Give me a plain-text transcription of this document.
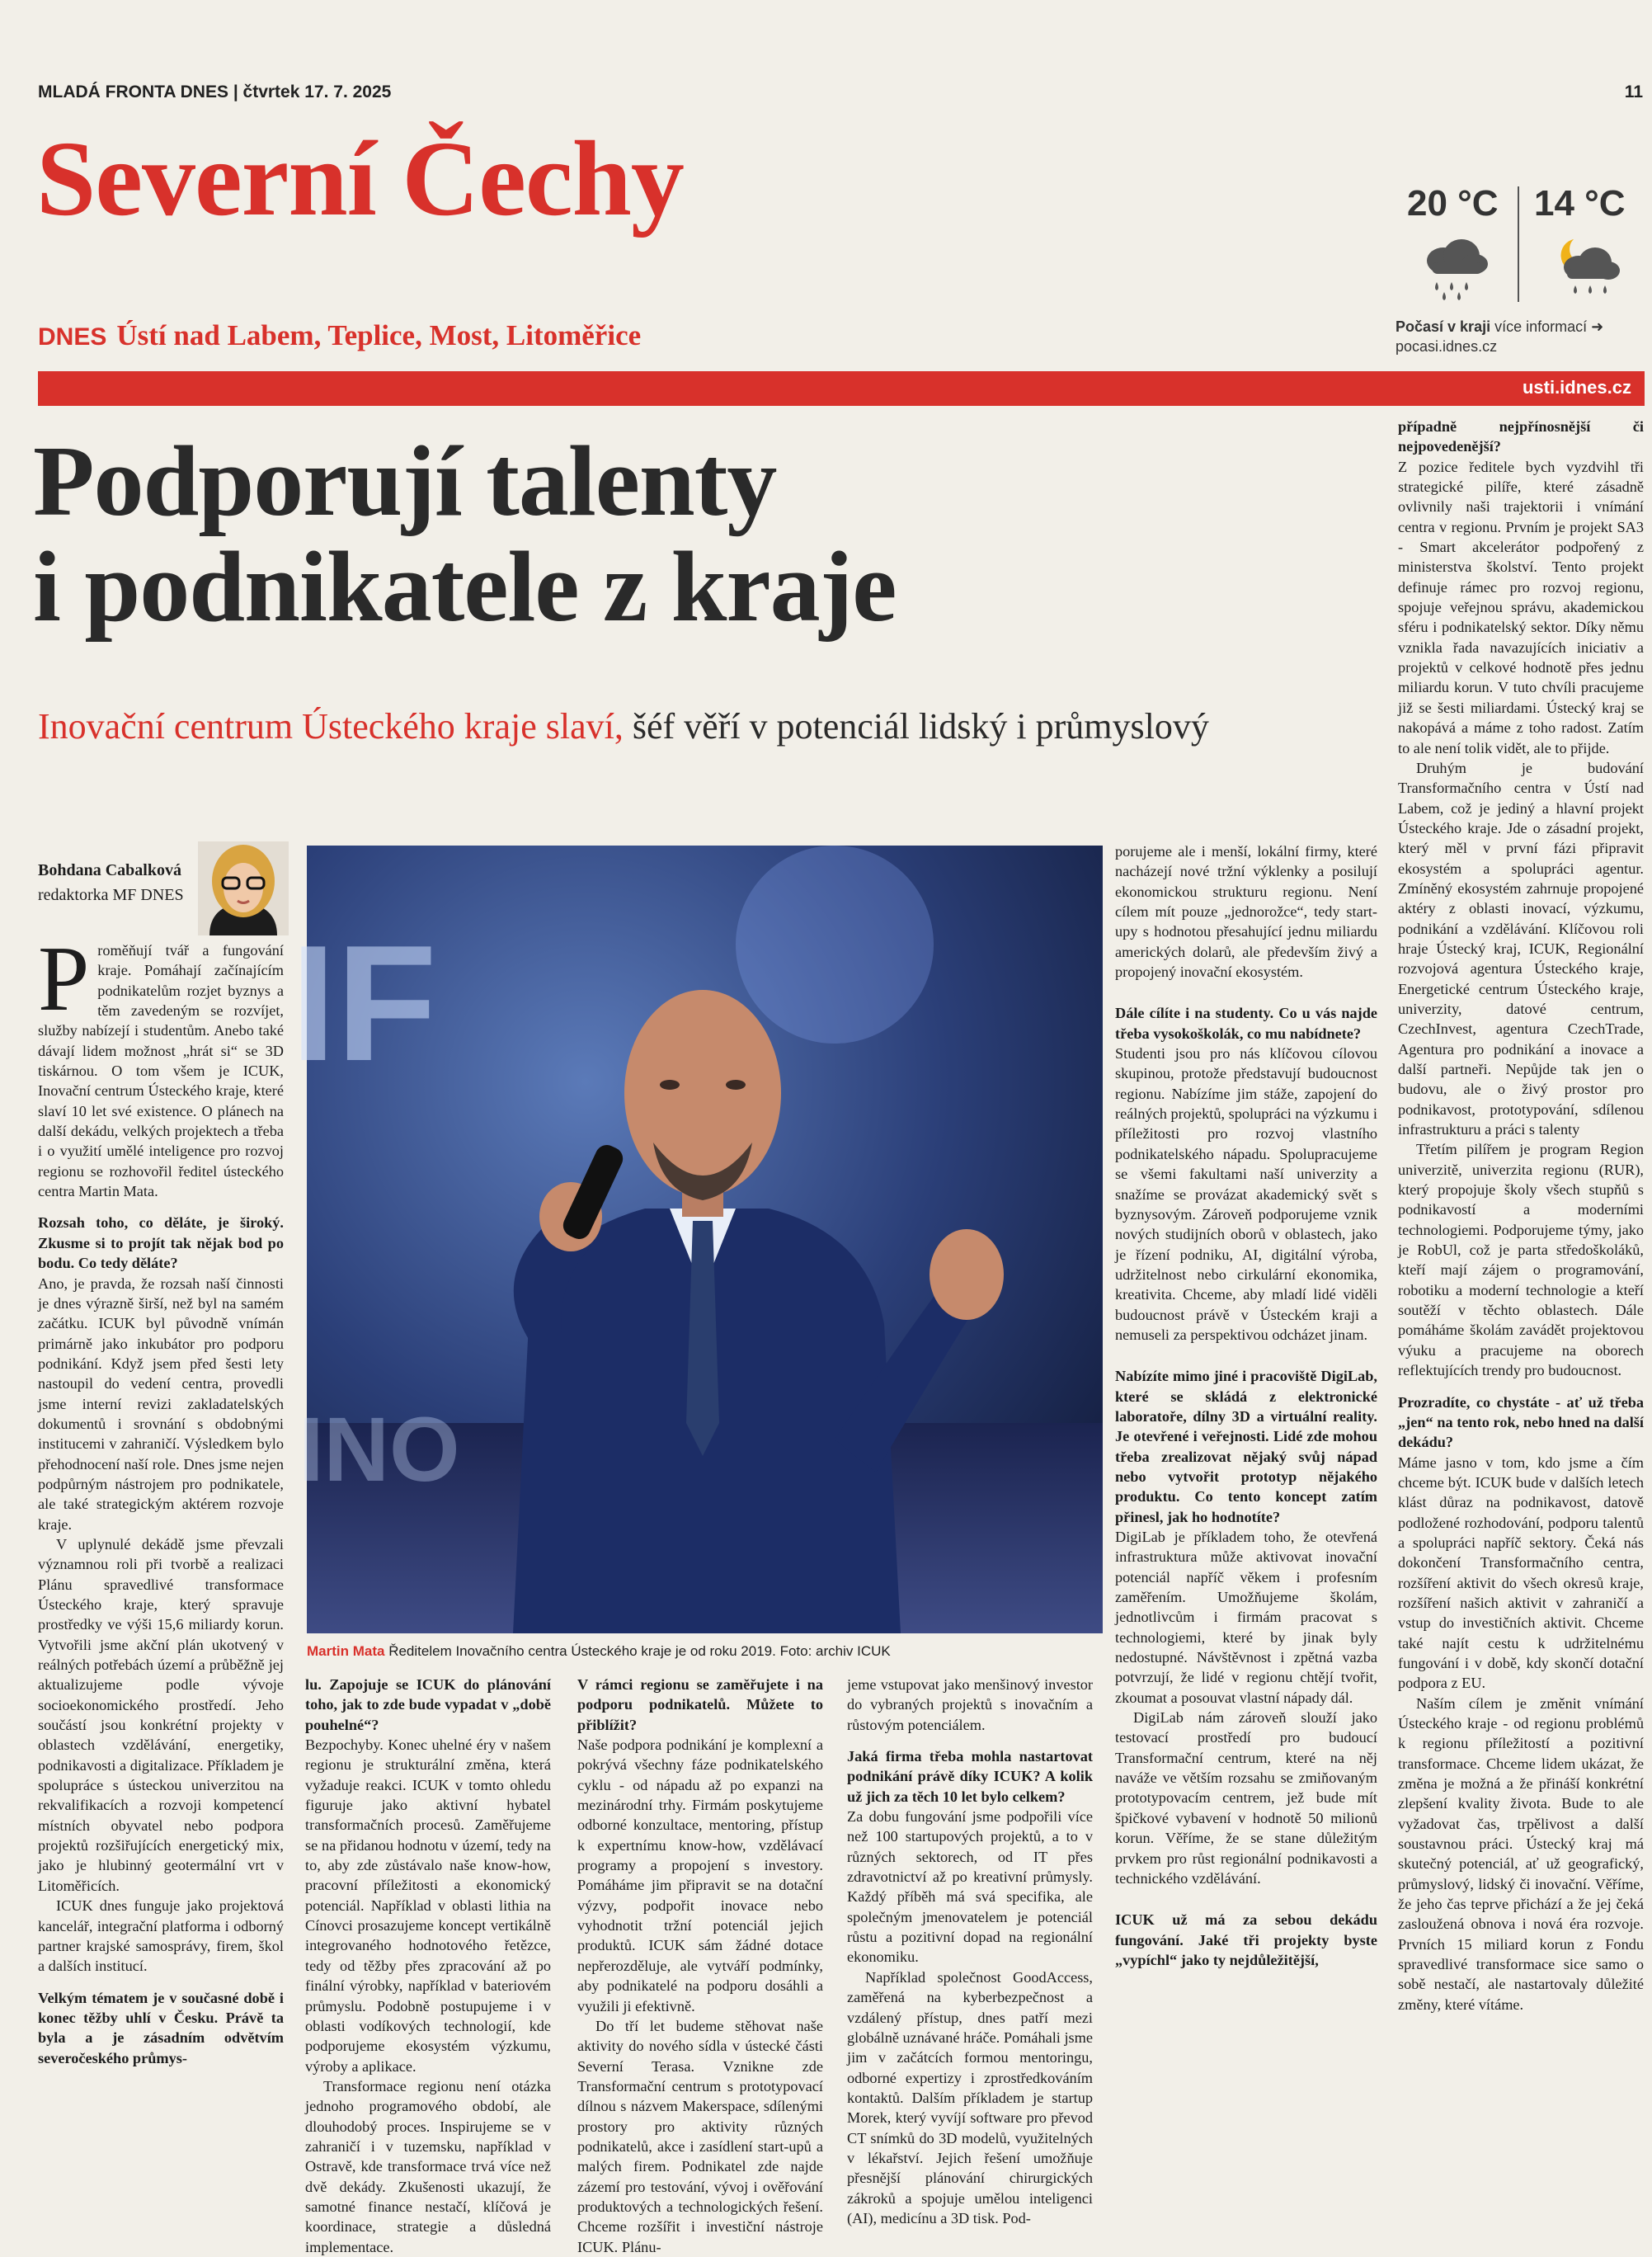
MLADÁ FRONTA DNES | čtvrtek 17. 7. 2025	11
Severní Čechy
DNES Ústí nad Labem, Teplice, Most, Litoměřice
20 °C 14 °C
Počasí v kraji více informací ➜
pocasi.idnes.cz
usti.idnes.cz
Podporují talenty
i podnikatele z kraje
Inovační centrum Ústeckého kraje slaví, šéf věří v potenciál lidský i průmyslový
Bohdana Cabalková
redaktorka MF DNES
IF
INO
Martin Mata Ředitelem Inovačního centra Ústeckého kraje je od roku 2019. Foto: archiv ICUK

Proměňují tvář a fungování kraje. Pomáhají začínajícím podnikatelům rozjet byznys a těm zavedeným se rozvíjet, služby nabízejí i studentům. Anebo také dávají lidem možnost „hrát si“ se 3D tiskárnou. O tom všem je ICUK, Inovační centrum Ústeckého kraje, které slaví 10 let své existence. O plánech na další dekádu, velkých projektech a třeba i o využití umělé inteligence pro rozvoj regionu se rozhovořil ředitel ústeckého centra Martin Mata.

Rozsah toho, co děláte, je široký. Zkusme si to projít tak nějak bod po bodu. Co tedy děláte?

Ano, je pravda, že rozsah naší činnosti je dnes výrazně širší, než byl na samém začátku. ICUK byl původně vnímán primárně jako inkubátor pro podporu podnikání. Když jsem před šesti lety nastoupil do vedení centra, provedli jsme interní revizi zakladatelských dokumentů i srovnání s obdobnými institucemi v zahraničí. Výsledkem bylo přehodnocení naší role. Dnes jsme nejen podpůrným nástrojem pro podnikatele, ale také strategickým aktérem rozvoje kraje.

V uplynulé dekádě jsme převzali významnou roli při tvorbě a realizaci Plánu spravedlivé transformace Ústeckého kraje, který spravuje prostředky ve výši 15,6 miliardy korun. Vytvořili jsme akční plán ukotvený v reálných potřebách území a průběžně jej aktualizujeme podle vývoje socioekonomického prostředí. Jeho součástí jsou konkrétní projekty v oblastech vzdělávání, energetiky, podnikavosti a digitalizace. Příkladem je spolupráce s ústeckou univerzitou na rekvalifikacích a rozvoji kompetencí místních obyvatel nebo podpora projektů rozšiřujících energetický mix, jako je hlubinný geotermální vrt v Litoměřicích.

ICUK dnes funguje jako projektová kancelář, integrační platforma i odborný partner krajské samosprávy, firem, škol a dalších institucí.

Velkým tématem je v současné době i konec těžby uhlí v Česku. Právě ta byla a je zásadním odvětvím severočeského průmys-

lu. Zapojuje se ICUK do plánování toho, jak to zde bude vypadat v „době pouhelné“?

Bezpochyby. Konec uhelné éry v našem regionu je strukturální změna, která vyžaduje reakci. ICUK v tomto ohledu figuruje jako aktivní hybatel transformačních procesů. Zaměřujeme se na přidanou hodnotu v území, tedy na to, aby zde zůstávalo naše know-how, pracovní příležitosti a ekonomický potenciál. Například v oblasti lithia na Cínovci prosazujeme koncept vertikálně integrovaného hodnotového řetězce, tedy od těžby přes zpracování až po finální výrobky, například v bateriovém průmyslu. Podobně postupujeme i v oblasti vodíkových technologií, kde podporujeme ekosystém výzkumu, výroby a aplikace.

Transformace regionu není otázka jednoho programového období, ale dlouhodobý proces. Inspirujeme se v zahraničí i v tuzemsku, například v Ostravě, kde transformace trvá více než dvě dekády. Zkušenosti ukazují, že samotné finance nestačí, klíčová je koordinace, strategie a důsledná implementace.

V rámci regionu se zaměřujete i na podporu podnikatelů. Můžete to přiblížit?

Naše podpora podnikání je komplexní a pokrývá všechny fáze podnikatelského cyklu - od nápadu až po expanzi na mezinárodní trhy. Firmám poskytujeme odborné konzultace, mentoring, přístup k expertnímu know-how, vzdělávací programy a propojení s investory. Pomáháme jim připravit se na dotační výzvy, podpořit inovace nebo vyhodnotit tržní potenciál jejich produktů. ICUK sám žádné dotace nepřerozděluje, ale vytváří podmínky, aby podnikatelé na podporu dosáhli a využili ji efektivně.

Do tří let budeme stěhovat naše aktivity do nového sídla v ústecké části Severní Terasa. Vznikne zde Transformační centrum s prototypovací dílnou s názvem Makerspace, sdílenými prostory pro aktivity různých podnikatelů, akce i zasídlení start-upů a malých firem. Podnikatel zde najde zázemí pro testování, vývoj i ověřování produktových a technologických řešení. Chceme rozšířit i investiční nástroje ICUK. Plánu-

jeme vstupovat jako menšinový investor do vybraných projektů s inovačním a růstovým potenciálem.

Jaká firma třeba mohla nastartovat podnikání právě díky ICUK? A kolik už jich za těch 10 let bylo celkem?

Za dobu fungování jsme podpořili více než 100 startupových projektů, a to v různých sektorech, od IT přes zdravotnictví až po kreativní průmysly. Každý příběh má svá specifika, ale společným jmenovatelem je potenciál růstu a pozitivní dopad na regionální ekonomiku.

Například společnost GoodAccess, zaměřená na kyberbezpečnost a vzdálený přístup, dnes patří mezi globálně uznávané hráče. Pomáhali jsme jim v začátcích formou mentoringu, odborné expertizy i zprostředkováním kontaktů. Dalším příkladem je startup Morek, který vyvíjí software pro převod CT snímků do 3D modelů, využitelných v lékařství. Jejich řešení umožňuje přesnější plánování chirurgických zákroků a spojuje umělou inteligenci (AI), medicínu a 3D tisk. Pod-

porujeme ale i menší, lokální firmy, které nacházejí nové tržní výklenky a posilují ekonomickou strukturu regionu. Není cílem mít pouze „jednorožce“, tedy start-upy s hodnotou přesahující jednu miliardu amerických dolarů, ale především živý a propojený inovační ekosystém.

Dále cílíte i na studenty. Co u vás najde třeba vysokoškolák, co mu nabídnete?

Studenti jsou pro nás klíčovou cílovou skupinou, protože představují budoucnost regionu. Nabízíme jim stáže, zapojení do reálných projektů, spolupráci na výzkumu i příležitosti pro rozvoj vlastního podnikatelského nápadu. Spolupracujeme se všemi fakultami naší univerzity a snažíme se provázat akademický svět s byznysovým. Zároveň podporujeme vznik nových studijních oborů v oblastech, jako je řízení podniku, AI, digitální výroba, udržitelnost nebo cirkulární ekonomika, kreativita. Chceme, aby mladí lidé viděli budoucnost právě v Ústeckém kraji a nemuseli za perspektivou odcházet jinam.

Nabízíte mimo jiné i pracoviště DigiLab, které se skládá z elektronické laboratoře, dílny 3D a virtuální reality. Je otevřené i veřejnosti. Lidé zde mohou třeba zrealizovat nějaký svůj nápad nebo vytvořit prototyp nějakého produktu. Co tento koncept zatím přinesl, jak ho hodnotíte?

DigiLab je příkladem toho, že otevřená infrastruktura může aktivovat inovační potenciál napříč věkem i profesním zaměřením. Umožňujeme školám, jednotlivcům i firmám pracovat s technologiemi, které by jinak byly nedostupné. Návštěvnost i zpětná vazba potvrzují, že lidé v regionu chtějí tvořit, zkoumat a posouvat vlastní nápady dál.

DigiLab nám zároveň slouží jako testovací prostředí pro budoucí Transformační centrum, které na něj naváže ve větším rozsahu se zmiňovaným prototypovacím centrem, jež bude mít špičkové vybavení v hodnotě 50 milionů korun. Věříme, že se stane důležitým prvkem pro růst regionální podnikavosti a technického vzdělávání.

ICUK už má za sebou dekádu fungování. Jaké tři projekty byste „vypíchl“ jako ty nejdůležitější,

případně nejpřínosnější či nejpovedenější?

Z pozice ředitele bych vyzdvihl tři strategické pilíře, které zásadně ovlivnily naši trajektorii i vnímání centra v regionu. Prvním je projekt SA3 - Smart akcelerátor podpořený z ministerstva školství. Tento projekt definuje rámec pro rozvoj regionu, spojuje veřejnou správu, akademickou sféru i podnikatelský sektor. Díky němu vznikla řada navazujících iniciativ a projektů v celkové hodnotě přes jednu miliardu korun. V tuto chvíli pracujeme již se šesti miliardami. Ústecký kraj se nakopává a máme z toho radost. Zatím to ale není tolik vidět, ale to přijde.

Druhým je budování Transformačního centra v Ústí nad Labem, což je jediný a hlavní projekt Ústeckého kraje. Jde o zásadní projekt, který měl v první fázi připravit ekosystém a spolupráci agentur. Zmíněný ekosystém zahrnuje propojené aktéry z oblasti inovací, výzkumu, podnikání a vzdělávání. Klíčovou roli hraje Ústecký kraj, ICUK, Regionální rozvojová agentura Ústeckého kraje, Energetické centrum Ústeckého kraje, univerzity, datové centrum, CzechInvest, agentura CzechTrade, Agentura pro podnikání a inovace a další partneři. Nepůjde tak jen o budovu, ale o živý prostor pro podnikavost, prototypování, sdílenou infrastrukturu a práci s talenty

Třetím pilířem je program Region univerzitě, univerzita regionu (RUR), který propojuje školy všech stupňů s podnikavostí a moderními technologiemi. Podporujeme týmy, jako je RobUl, což je parta středoškoláků, kteří mají zájem o programování, robotiku a moderní technologie a kteří soutěží v těchto oblastech. Dále pomáháme školám zavádět projektovou výuku a pracujeme na oborech reflektujících trendy pro budoucnost.

Prozradíte, co chystáte - ať už třeba „jen“ na tento rok, nebo hned na další dekádu?

Máme jasno v tom, kdo jsme a čím chceme být. ICUK bude v dalších letech klást důraz na podnikavost, datově podložené rozhodování, podporu talentů a spolupráci napříč sektory. Čeká nás dokončení Transformačního centra, rozšíření aktivit do všech okresů kraje, rozšíření našich aktivit v zahraničí a vstup do investičních aktivit. Chceme také najít cestu k udržitelnému fungování i v době, kdy skončí dotační podpora z EU.

Naším cílem je změnit vnímání Ústeckého kraje - od regionu problémů k regionu příležitostí a pozitivní transformace. Chceme lidem ukázat, že změna je možná a že přináší konkrétní zlepšení kvality života. Bude to ale vyžadovat čas, trpělivost a další soustavnou práci. Ústecký kraj má skutečný potenciál, ať už geografický, průmyslový, lidský či inovační. Věříme, že jeho čas teprve přichází a že jej čeká zasloužená obnova i nová éra rozvoje. Prvních 15 miliard korun z Fondu spravedlivé transformace sice samo o sobě nestačí, ale nastartovaly důležité změny, které vítáme.
